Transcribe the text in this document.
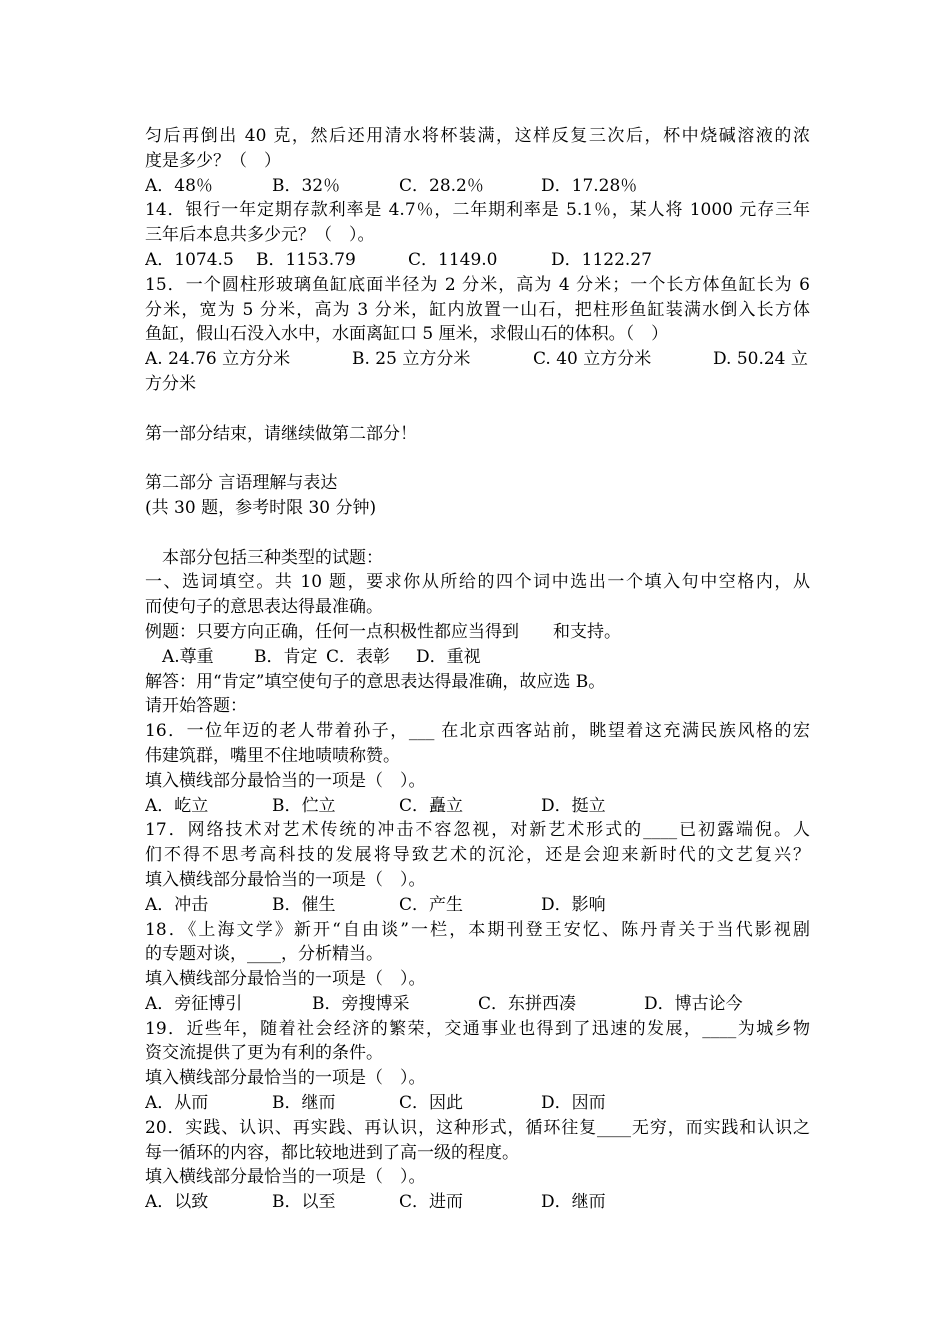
匀后再倒出 40 克，然后还用清水将杯装满，这样反复三次后，杯中烧碱溶液的浓
度是多少？（　）
A．48％	B．32％	C．28.2％	D．17.28％
14．银行一年定期存款利率是 4.7％，二年期利率是 5.1％，某人将 1000 元存三年
三年后本息共多少元？（　）。
A．1074.5	B．1153.79	C．1149.0	D．1122.27
15．一个圆柱形玻璃鱼缸底面半径为 2 分米，高为 4 分米；一个长方体鱼缸长为 6
分米，宽为 5 分米，高为 3 分米，缸内放置一山石，把柱形鱼缸装满水倒入长方体
鱼缸，假山石没入水中，水面离缸口 5 厘米，求假山石的体积。（　）
A. 24.76 立方分米	B. 25 立方分米	C. 40 立方分米	D. 50.24 立
方分米
第一部分结束，请继续做第二部分！
第二部分 言语理解与表达
(共 30 题，参考时限 30 分钟)
本部分包括三种类型的试题：
一、选词填空。共 10 题，要求你从所给的四个词中选出一个填入句中空格内，从
而使句子的意思表达得最准确。
例题：只要方向正确，任何一点积极性都应当得到　　和支持。
A.尊重	B．肯定 C．表彰	D．重视
解答：用“肯定”填空使句子的意思表达得最准确，故应选 B。
请开始答题：
16．一位年迈的老人带着孙子，___ 在北京西客站前，眺望着这充满民族风格的宏
伟建筑群，嘴里不住地啧啧称赞。
填入横线部分最恰当的一项是（　）。
A．屹立	B．伫立	C．矗立	D．挺立
17．网络技术对艺术传统的冲击不容忽视，对新艺术形式的____已初露端倪。人
们不得不思考高科技的发展将导致艺术的沉沦，还是会迎来新时代的文艺复兴？
填入横线部分最恰当的一项是（　）。
A．冲击	B．催生	C．产生	D．影响
18．《上海文学》新开“自由谈”一栏，本期刊登王安忆、陈丹青关于当代影视剧
的专题对谈，____，分析精当。
填入横线部分最恰当的一项是（　）。
A．旁征博引	B．旁搜博采	C．东拼西凑	D．博古论今
19．近些年，随着社会经济的繁荣，交通事业也得到了迅速的发展，____为城乡物
资交流提供了更为有利的条件。
填入横线部分最恰当的一项是（　）。
A．从而	B．继而	C．因此	D．因而
20．实践、认识、再实践、再认识，这种形式，循环往复____无穷，而实践和认识之
每一循环的内容，都比较地进到了高一级的程度。
填入横线部分最恰当的一项是（　）。
A．以致	B．以至	C．进而	D．继而
